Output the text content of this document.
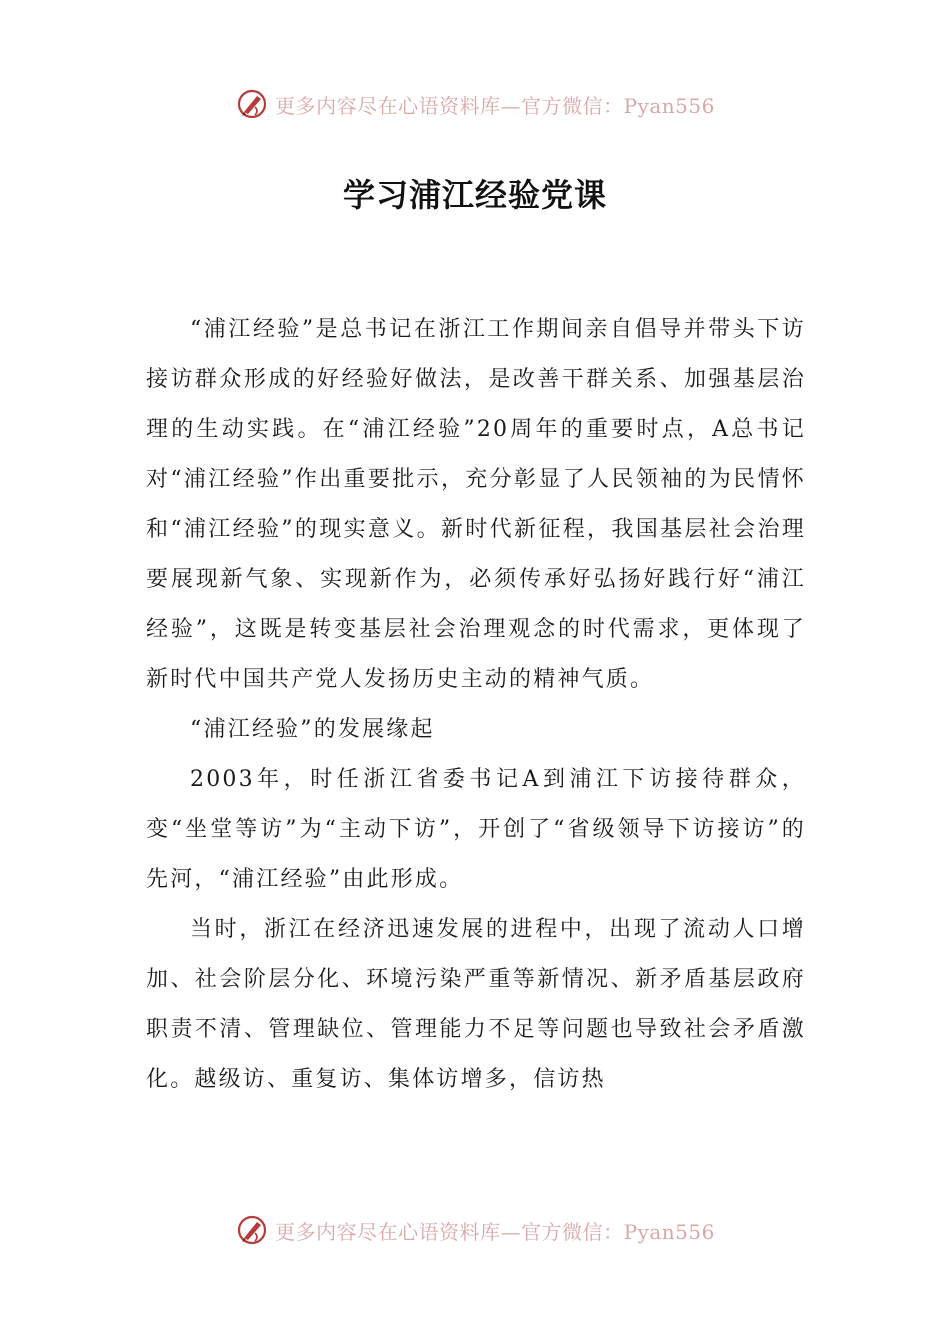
更多内容尽在心语资料库—官方微信：Pyan556
学习浦江经验党课

“浦江经验”是总书记在浙江工作期间亲自倡导并带头下访接访群众形成的好经验好做法，是改善干群关系、加强基层治理的生动实践。在“浦江经验”20周年的重要时点，A总书记对“浦江经验”作出重要批示，充分彰显了人民领袖的为民情怀和“浦江经验”的现实意义。新时代新征程，我国基层社会治理要展现新气象、实现新作为，必须传承好弘扬好践行好“浦江经验”，这既是转变基层社会治理观念的时代需求，更体现了新时代中国共产党人发扬历史主动的精神气质。

“浦江经验”的发展缘起

2003年，时任浙江省委书记A到浦江下访接待群众，变“坐堂等访”为“主动下访”，开创了“省级领导下访接访”的先河，“浦江经验”由此形成。

当时，浙江在经济迅速发展的进程中，出现了流动人口增加、社会阶层分化、环境污染严重等新情况、新矛盾基层政府职责不清、管理缺位、管理能力不足等问题也导致社会矛盾激化。越级访、重复访、集体访增多，信访热

更多内容尽在心语资料库—官方微信：Pyan556
